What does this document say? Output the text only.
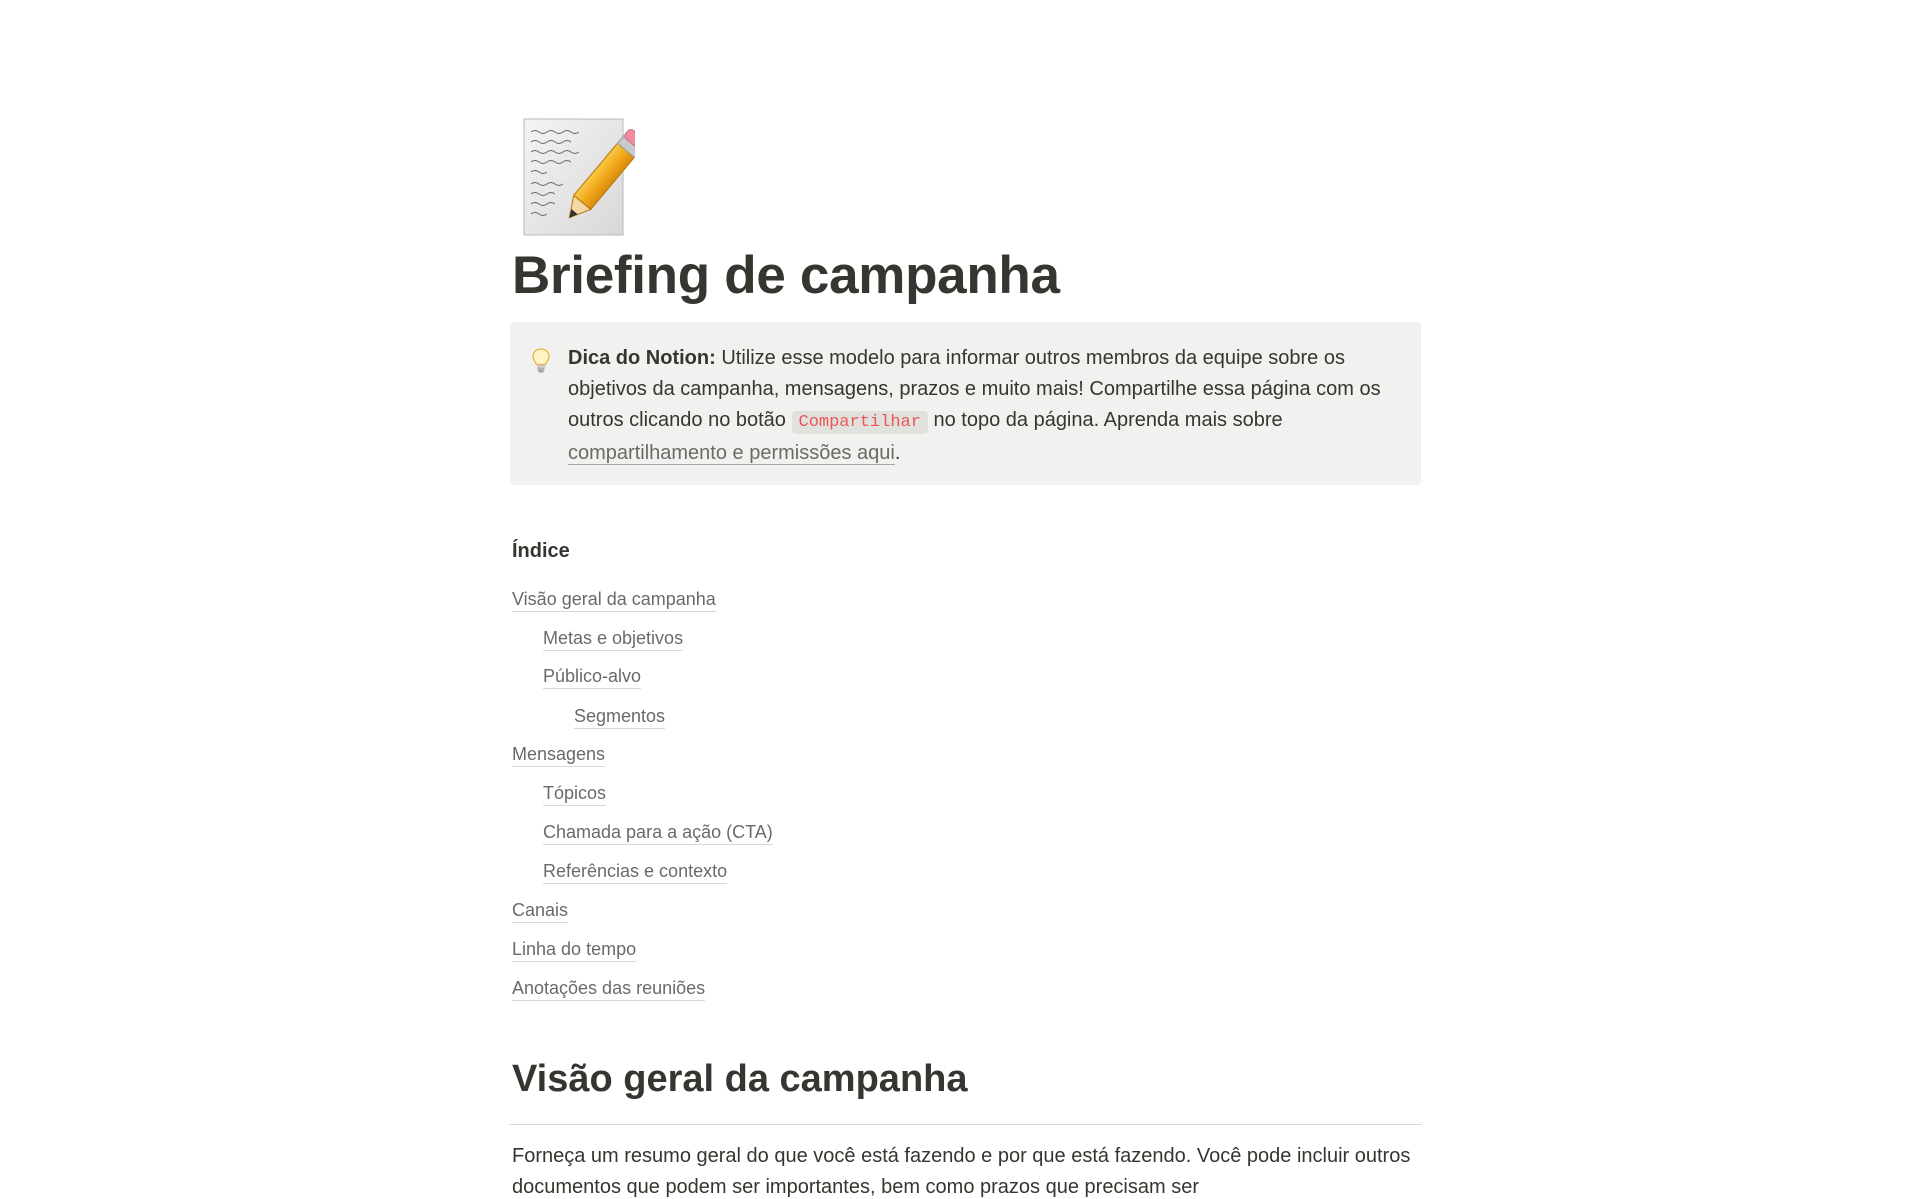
Briefing de campanha
Dica do Notion: Utilize esse modelo para informar outros membros da equipe sobre os objetivos da campanha, mensagens, prazos e muito mais! Compartilhe essa página com os outros clicando no botão Compartilhar no topo da página. Aprenda mais sobre compartilhamento e permissões aqui.
Índice
Visão geral da campanha
Metas e objetivos
Público-alvo
Segmentos
Mensagens
Tópicos
Chamada para a ação (CTA)
Referências e contexto
Canais
Linha do tempo
Anotações das reuniões
Visão geral da campanha
Forneça um resumo geral do que você está fazendo e por que está fazendo. Você pode incluir outros documentos que podem ser importantes, bem como prazos que precisam ser
